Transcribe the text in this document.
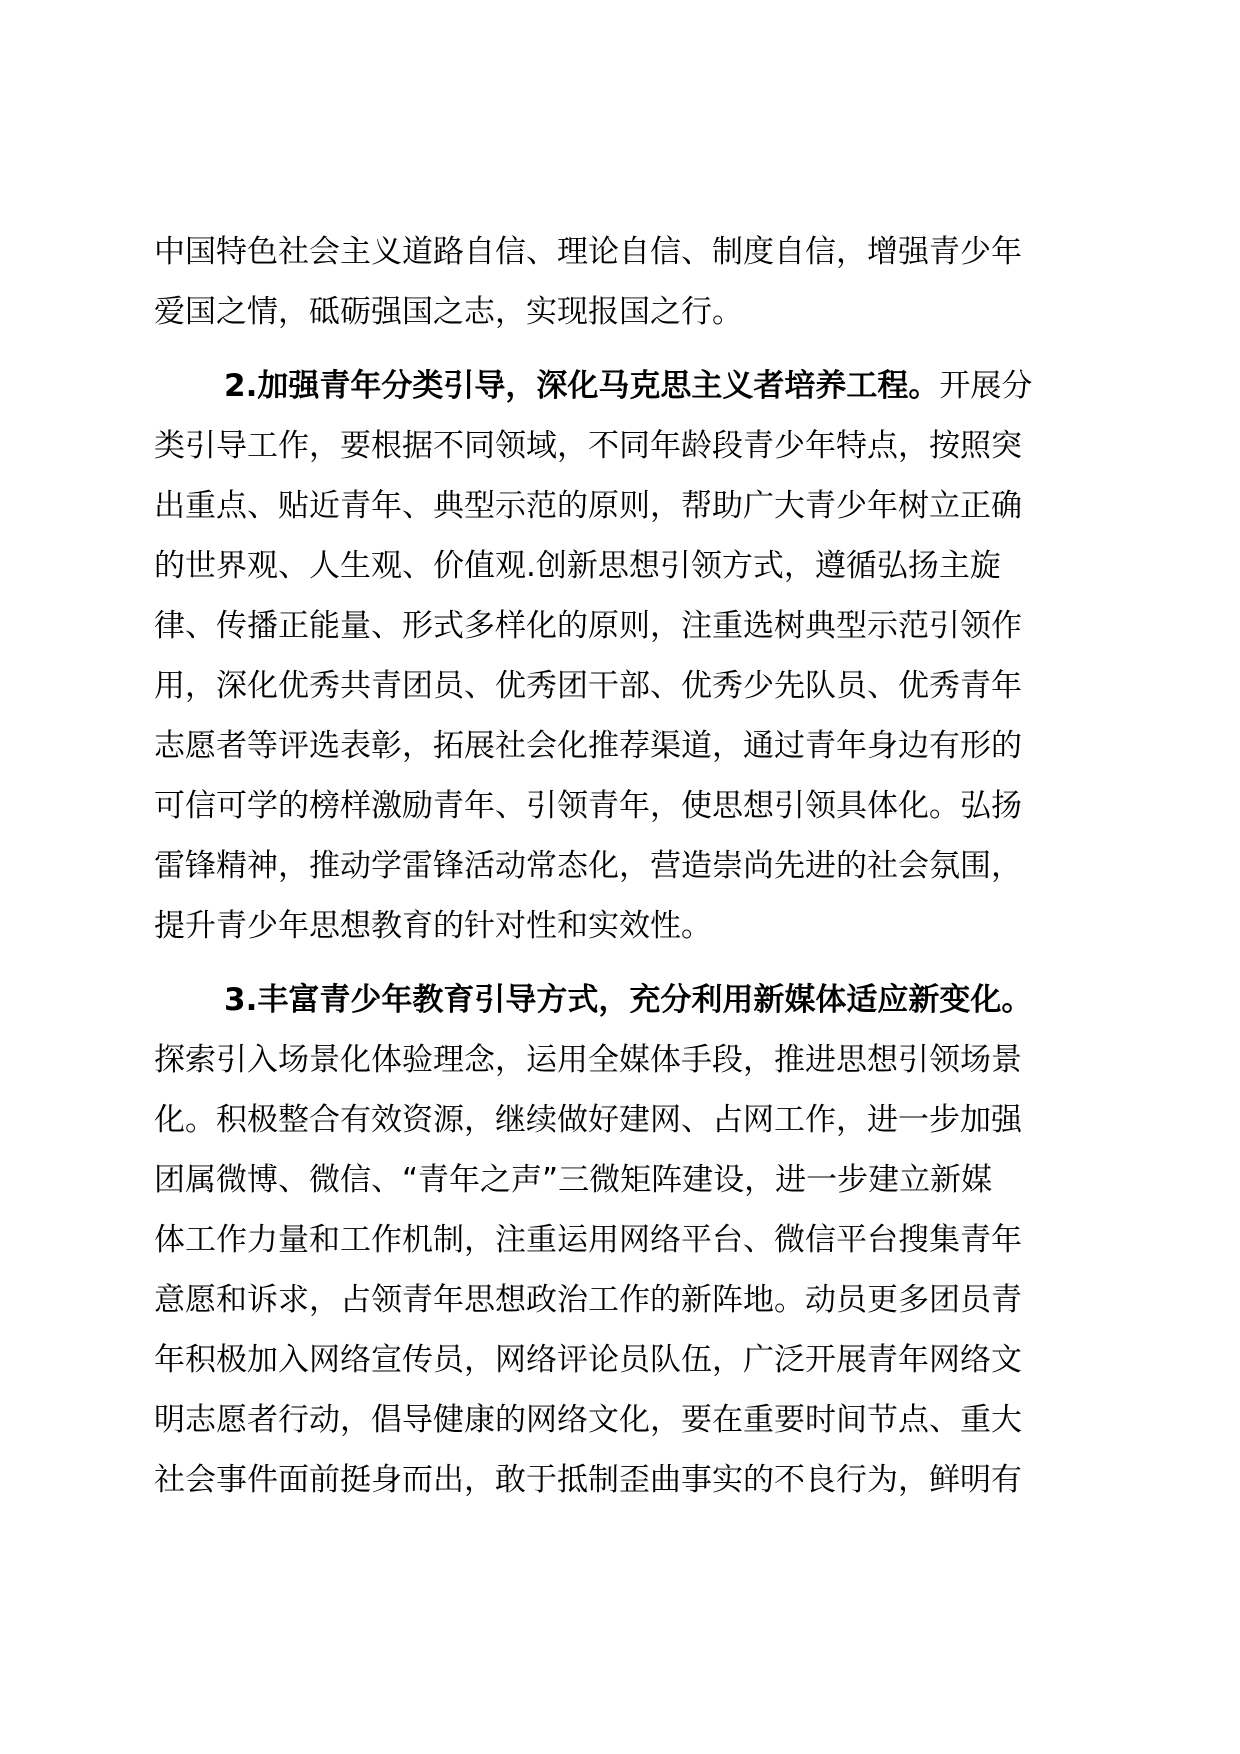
中国特色社会主义道路自信、理论自信、制度自信，增强青少年
爱国之情，砥砺强国之志，实现报国之行。
2.加强青年分类引导，深化马克思主义者培养工程。开展分
类引导工作，要根据不同领域，不同年龄段青少年特点，按照突
出重点、贴近青年、典型示范的原则，帮助广大青少年树立正确
的世界观、人生观、价值观.创新思想引领方式，遵循弘扬主旋
律、传播正能量、形式多样化的原则，注重选树典型示范引领作
用，深化优秀共青团员、优秀团干部、优秀少先队员、优秀青年
志愿者等评选表彰，拓展社会化推荐渠道，通过青年身边有形的
可信可学的榜样激励青年、引领青年，使思想引领具体化。弘扬
雷锋精神，推动学雷锋活动常态化，营造崇尚先进的社会氛围，
提升青少年思想教育的针对性和实效性。
3.丰富青少年教育引导方式，充分利用新媒体适应新变化。
探索引入场景化体验理念，运用全媒体手段，推进思想引领场景
化。积极整合有效资源，继续做好建网、占网工作，进一步加强
团属微博、微信、“青年之声”三微矩阵建设，进一步建立新媒
体工作力量和工作机制，注重运用网络平台、微信平台搜集青年
意愿和诉求，占领青年思想政治工作的新阵地。动员更多团员青
年积极加入网络宣传员，网络评论员队伍，广泛开展青年网络文
明志愿者行动，倡导健康的网络文化，要在重要时间节点、重大
社会事件面前挺身而出，敢于抵制歪曲事实的不良行为，鲜明有
